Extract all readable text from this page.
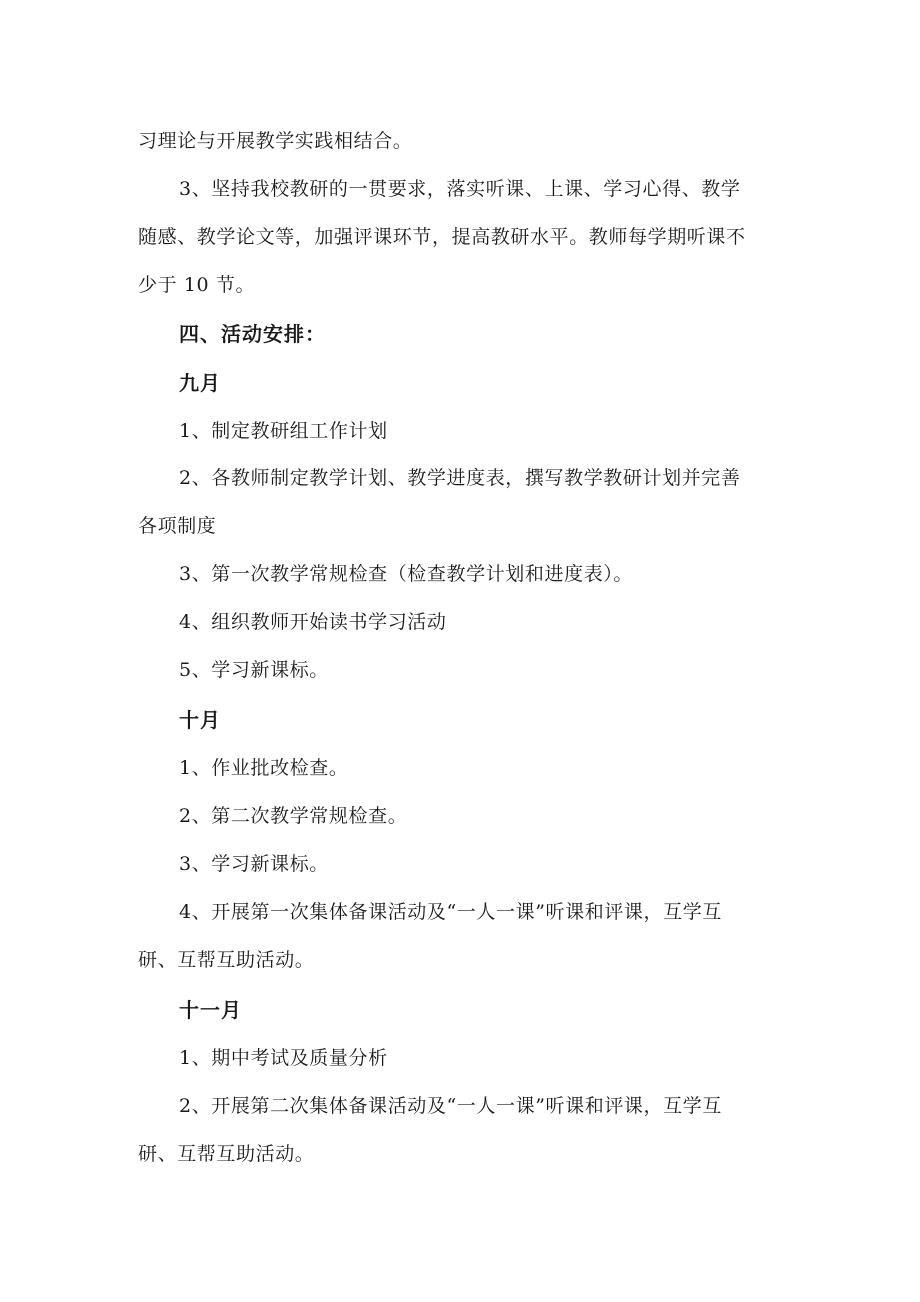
习理论与开展教学实践相结合。
3、坚持我校教研的一贯要求，落实听课、上课、学习心得、教学
随感、教学论文等，加强评课环节，提高教研水平。教师每学期听课不
少于 10 节。
四、活动安排：
九月
1、制定教研组工作计划
2、各教师制定教学计划、教学进度表，撰写教学教研计划并完善
各项制度
3、第一次教学常规检查（检查教学计划和进度表）。
4、组织教师开始读书学习活动
5、学习新课标。
十月
1、作业批改检查。
2、第二次教学常规检查。
3、学习新课标。
4、开展第一次集体备课活动及“一人一课”听课和评课，互学互
研、互帮互助活动。
十一月
1、期中考试及质量分析
2、开展第二次集体备课活动及“一人一课”听课和评课，互学互
研、互帮互助活动。
